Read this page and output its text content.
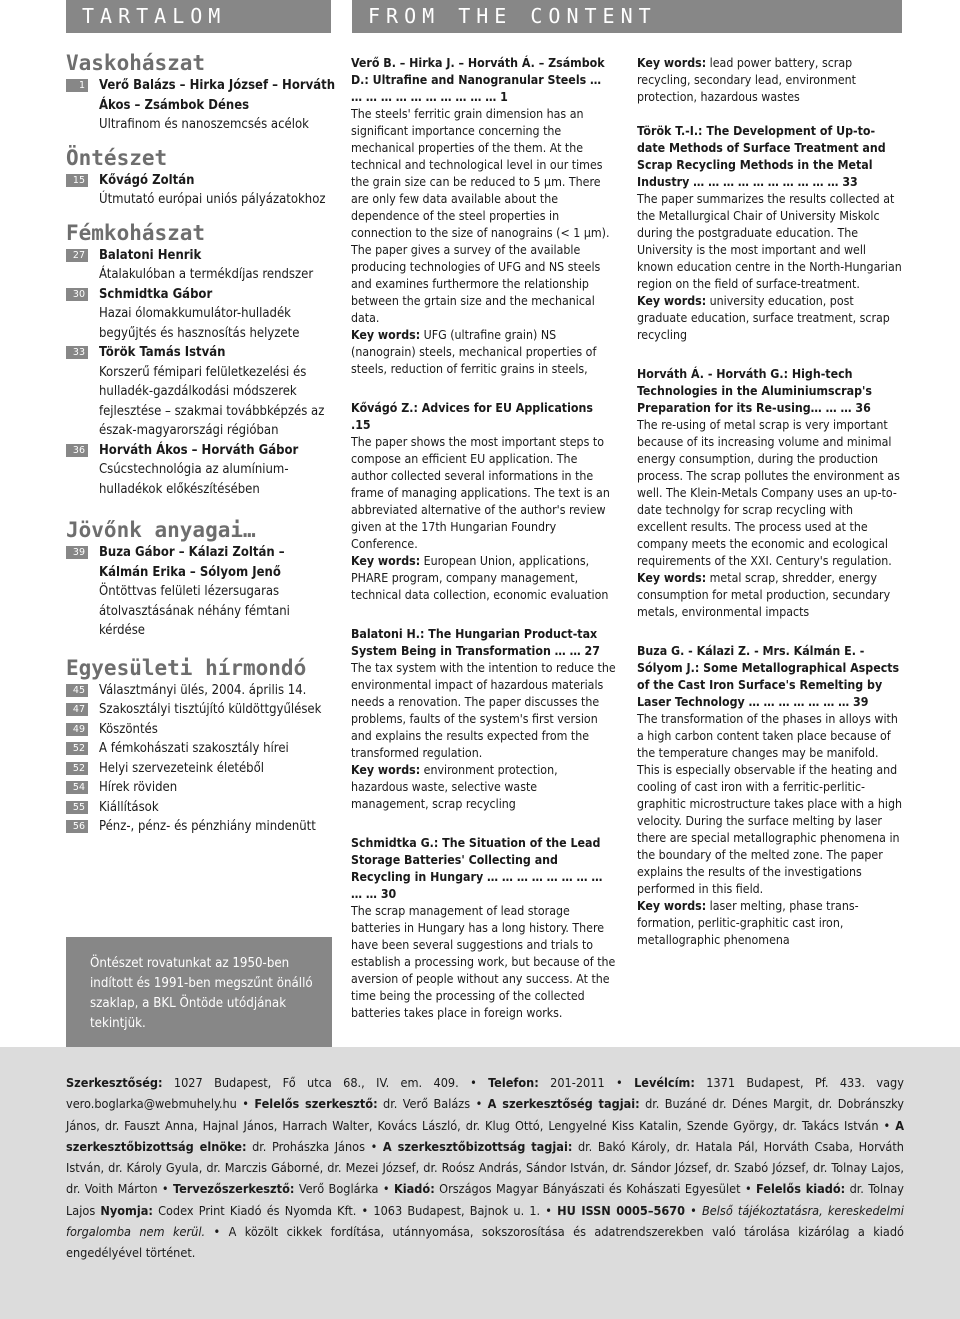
TARTALOM	FROM THE CONTENT
Vaskohászat
1 Verő Balázs – Hirka József – Horváth Ákos – Zsámbok Dénes
Ultrafinom és nanoszemcsés acélok
Öntészet
15 Kővágó Zoltán
Útmutató európai uniós pályázatokhoz
Fémkohászat
27 Balatoni Henrik
Átalakulóban a termékdíjas rendszer
30 Schmidtka Gábor
Hazai ólomakkumulátor-hulladék begyűjtés és hasznosítás helyzete
33 Török Tamás István
Korszerű fémipari felületkezelési és hulladék-gazdálkodási módszerek fejlesztése – szakmai továbbképzés az észak-magyarországi régióban
36 Horváth Ákos – Horváth Gábor
Csúcstechnológia az alumínium-hulladékok előkészítésében
Jövőnk anyagai…
39 Buza Gábor – Kálazi Zoltán – Kálmán Erika – Sólyom Jenő
Öntöttvas felületi lézersugaras átolvasztásának néhány fémtani kérdése
Egyesületi hírmondó
45 Választmányi ülés, 2004. április 14.
47 Szakosztályi tisztújító küldöttgyűlések
49 Köszöntés
52 A fémkohászati szakosztály hírei
52 Helyi szervezeteink életéből
54 Hírek röviden
55 Kiállítások
56 Pénz-, pénz- és pénzhiány mindenütt
Öntészet rovatunkat az 1950-ben indított és 1991-ben megszűnt önálló szaklap, a BKL Öntöde utódjának tekintjük.

Verő B. – Hirka J. – Horváth Á. – Zsámbok D.: Ultrafine and Nanogranular Steels … … … … … … … … … … … 1

The steels' ferritic grain dimension has an significant importance concerning the mechanical properties of the them. At the technical and technological level in our times the grain size can be reduced to 5 μm. There are only few data available about the dependence of the steel properties in connection to the size of nanograins (< 1 μm). The paper gives a survey of the available producing technologies of UFG and NS steels and examines furthermore the relationship between the grtain size and the mechanical data.

Key words: UFG (ultrafine grain) NS (nanograin) steels, mechanical properties of steels, reduction of ferritic grains in steels,

Kővágó Z.: Advices for EU Applications .15

The paper shows the most important steps to compose an efficient EU application. The author collected several informations in the frame of managing applications. The text is an abbreviated alternative of the author's review given at the 17th Hungarian Foundry Conference.

Key words: European Union, applications, PHARE program, company management, technical data collection, economic evaluation

Balatoni H.: The Hungarian Product-tax System Being in Transformation … … 27

The tax system with the intention to reduce the environmental impact of hazardous materials needs a renovation. The paper discusses the problems, faults of the system's first version and explains the results expected from the transformed regulation.

Key words: environment protection, hazardous waste, selective waste management, scrap recycling

Schmidtka G.: The Situation of the Lead Storage Batteries' Collecting and Recycling in Hungary … … … … … … … … … … 30

The scrap management of lead storage batteries in Hungary has a long history. There have been several suggestions and trials to establish a processing work, but because of the aversion of people without any success. At the time being the processing of the collected batteries takes place in foreign works.

Key words: lead power battery, scrap recycling, secondary lead, environment protection, hazardous wastes

Török T.-I.: The Development of Up-to-date Methods of Surface Treatment and Scrap Recycling Methods in the Metal Industry … … … … … … … … … … 33

The paper summarizes the results collected at the Metallurgical Chair of University Miskolc during the postgraduate education. The University is the most important and well known education centre in the North-Hungarian region on the field of surface-treatment.

Key words: university education, post graduate education, surface treatment, scrap recycling

Horváth Á. - Horváth G.: High-tech Technologies in the Aluminiumscrap's Preparation for its Re-using… … … 36

The re-using of metal scrap is very important because of its increasing volume and minimal energy consumption, during the production process. The scrap pollutes the environment as well. The Klein-Metals Company uses an up-to-date technolgy for scrap recycling with excellent results. The process used at the company meets the economic and ecological requirements of the XXI. Century's regulation.

Key words: metal scrap, shredder, energy consumption for metal production, secundary metals, environmental impacts

Buza G. - Kálazi Z. - Mrs. Kálmán E. - Sólyom J.: Some Metallographical Aspects of the Cast Iron Surface's Remelting by Laser Technology … … … … … … … 39

The transformation of the phases in alloys with a high carbon content taken place because of the temperature changes may be manifold. This is especially observable if the heating and cooling of cast iron with a ferritic-perlitic-graphitic microstructure takes place with a high velocity. During the surface melting by laser there are special metallographic phenomena in the boundary of the melted zone. The paper explains the results of the investigations performed in this field.

Key words: laser melting, phase trans-formation, perlitic-graphitic cast iron, metallographic phenomena

Szerkesztőség: 1027 Budapest, Fő utca 68., IV. em. 409. • Telefon: 201-2011 • Levélcím: 1371 Budapest, Pf. 433. vagy vero.boglarka@webmuhely.hu • Felelős szerkesztő: dr. Verő Balázs • A szerkesztőség tagjai: dr. Buzáné dr. Dénes Margit, dr. Dobránszky János, dr. Fauszt Anna, Hajnal János, Harrach Walter, Kovács László, dr. Klug Ottó, Lengyelné Kiss Katalin, Szende György, dr. Takács István • A szerkesztőbizottság elnöke: dr. Prohászka János • A szerkesztőbizottság tagjai: dr. Bakó Károly, dr. Hatala Pál, Horváth Csaba, Horváth István, dr. Károly Gyula, dr. Marczis Gáborné, dr. Mezei József, dr. Roósz András, Sándor István, dr. Sándor József, dr. Szabó József, dr. Tolnay Lajos, dr. Voith Márton • Tervezőszerkesztő: Verő Boglárka • Kiadó: Országos Magyar Bányászati és Kohászati Egyesület • Felelős kiadó: dr. Tolnay Lajos Nyomja: Codex Print Kiadó és Nyomda Kft. • 1063 Budapest, Bajnok u. 1. • HU ISSN 0005–5670 • Belső tájékoztatásra, kereskedelmi forgalomba nem kerül. • A közölt cikkek fordítása, utánnyomása, sokszorosítása és adatrendszerekben való tárolása kizárólag a kiadó engedélyével történet.
